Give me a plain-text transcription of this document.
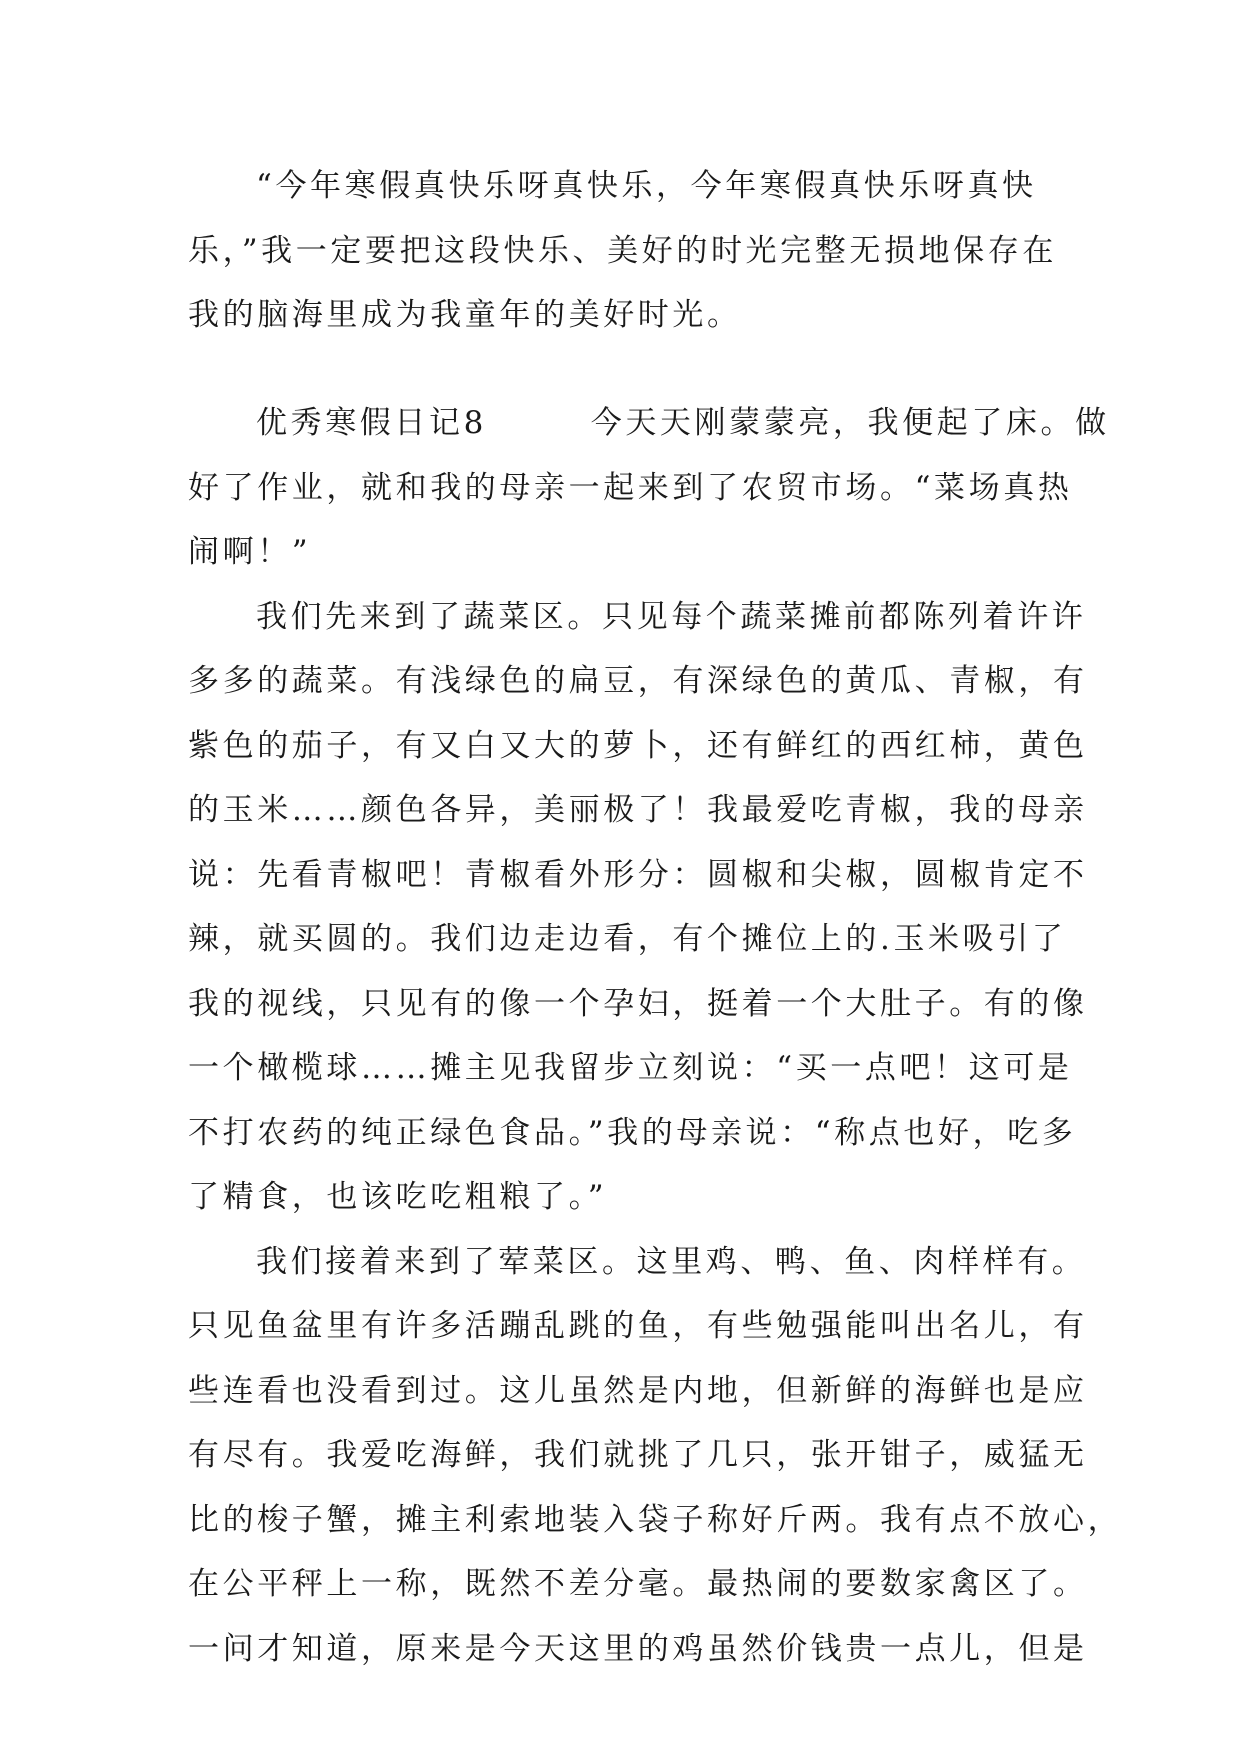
“今年寒假真快乐呀真快乐，今年寒假真快乐呀真快
乐，”我一定要把这段快乐、美好的时光完整无损地保存在
我的脑海里成为我童年的美好时光。
优秀寒假日记8　　　今天天刚蒙蒙亮，我便起了床。做
好了作业，就和我的母亲一起来到了农贸市场。“菜场真热
闹啊！”
我们先来到了蔬菜区。只见每个蔬菜摊前都陈列着许许
多多的蔬菜。有浅绿色的扁豆，有深绿色的黄瓜、青椒，有
紫色的茄子，有又白又大的萝卜，还有鲜红的西红柿，黄色
的玉米……颜色各异，美丽极了！我最爱吃青椒，我的母亲
说：先看青椒吧！青椒看外形分：圆椒和尖椒，圆椒肯定不
辣，就买圆的。我们边走边看，有个摊位上的.玉米吸引了
我的视线，只见有的像一个孕妇，挺着一个大肚子。有的像
一个橄榄球……摊主见我留步立刻说：“买一点吧！这可是
不打农药的纯正绿色食品。”我的母亲说：“称点也好，吃多
了精食，也该吃吃粗粮了。”
我们接着来到了荤菜区。这里鸡、鸭、鱼、肉样样有。
只见鱼盆里有许多活蹦乱跳的鱼，有些勉强能叫出名儿，有
些连看也没看到过。这儿虽然是内地，但新鲜的海鲜也是应
有尽有。我爱吃海鲜，我们就挑了几只，张开钳子，威猛无
比的梭子蟹，摊主利索地装入袋子称好斤两。我有点不放心，
在公平秤上一称，既然不差分毫。最热闹的要数家禽区了。
一问才知道，原来是今天这里的鸡虽然价钱贵一点儿，但是
